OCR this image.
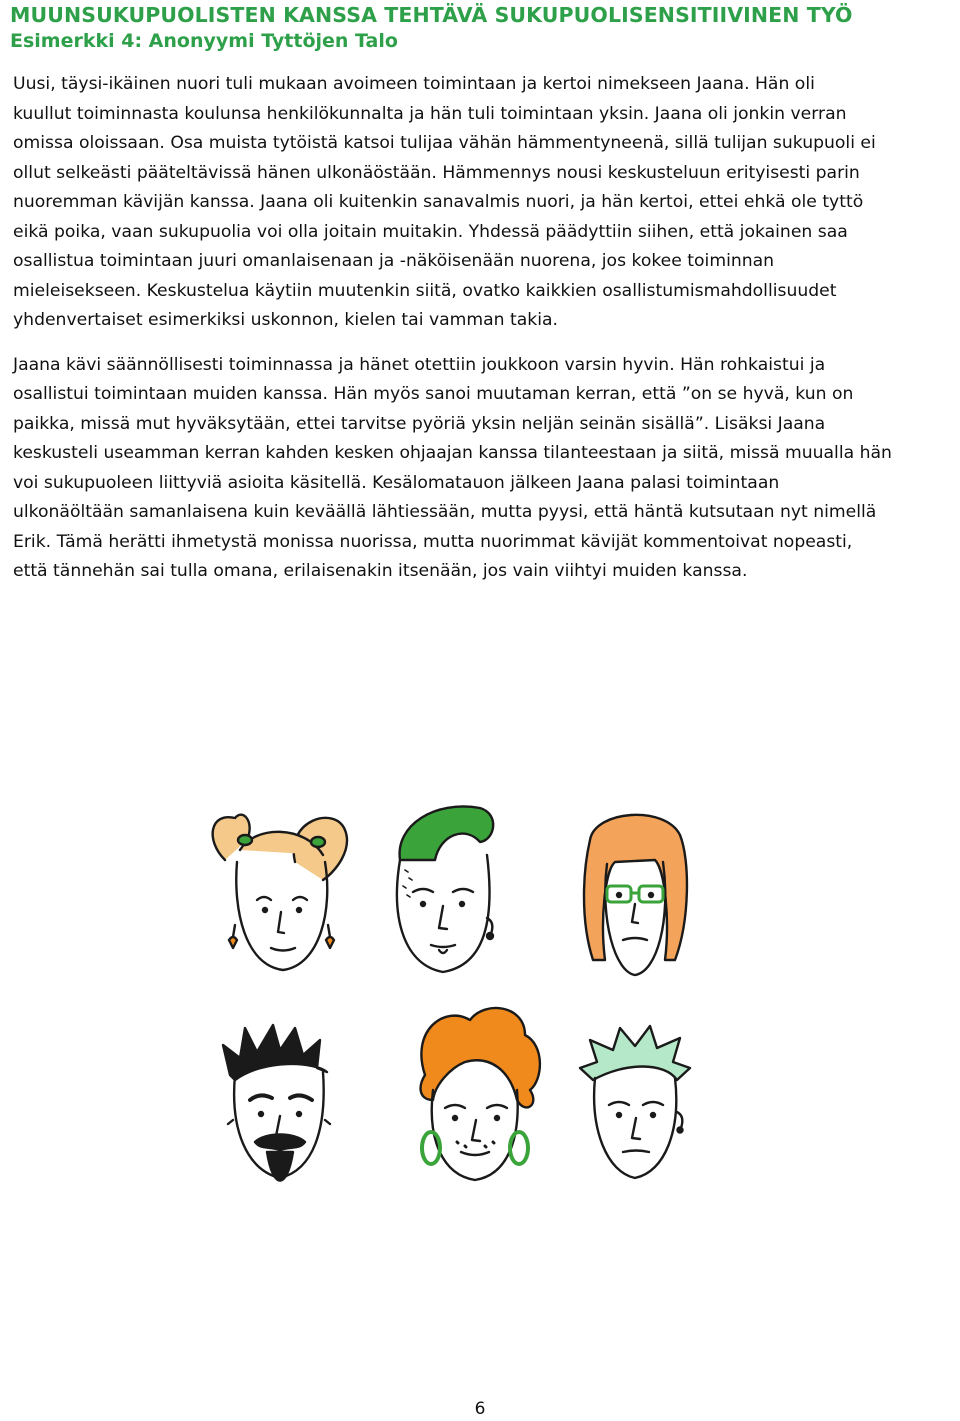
MUUNSUKUPUOLISTEN KANSSA TEHTÄVÄ SUKUPUOLISENSITIIVINEN TYÖ
Esimerkki 4: Anonyymi Tyttöjen Talo

Uusi, täysi-ikäinen nuori tuli mukaan avoimeen toimintaan ja kertoi nimekseen Jaana. Hän oli
kuullut toiminnasta koulunsa henkilökunnalta ja hän tuli toimintaan yksin. Jaana oli jonkin verran
omissa oloissaan. Osa muista tytöistä katsoi tulijaa vähän hämmentyneenä, sillä tulijan sukupuoli ei
ollut selkeästi pääteltävissä hänen ulkonäöstään. Hämmennys nousi keskusteluun erityisesti parin
nuoremman kävijän kanssa. Jaana oli kuitenkin sanavalmis nuori, ja hän kertoi, ettei ehkä ole tyttö
eikä poika, vaan sukupuolia voi olla joitain muitakin. Yhdessä päädyttiin siihen, että jokainen saa
osallistua toimintaan juuri omanlaisenaan ja -näköisenään nuorena, jos kokee toiminnan
mieleisekseen. Keskustelua käytiin muutenkin siitä, ovatko kaikkien osallistumismahdollisuudet
yhdenvertaiset esimerkiksi uskonnon, kielen tai vamman takia.

Jaana kävi säännöllisesti toiminnassa ja hänet otettiin joukkoon varsin hyvin. Hän rohkaistui ja
osallistui toimintaan muiden kanssa. Hän myös sanoi muutaman kerran, että ”on se hyvä, kun on
paikka, missä mut hyväksytään, ettei tarvitse pyöriä yksin neljän seinän sisällä”. Lisäksi Jaana
keskusteli useamman kerran kahden kesken ohjaajan kanssa tilanteestaan ja siitä, missä muualla hän
voi sukupuoleen liittyviä asioita käsitellä. Kesälomatauon jälkeen Jaana palasi toimintaan
ulkonäöltään samanlaisena kuin keväällä lähtiessään, mutta pyysi, että häntä kutsutaan nyt nimellä
Erik. Tämä herätti ihmetystä monissa nuorissa, mutta nuorimmat kävijät kommentoivat nopeasti,
että tännehän sai tulla omana, erilaisenakin itsenään, jos vain viihtyi muiden kanssa.

6
